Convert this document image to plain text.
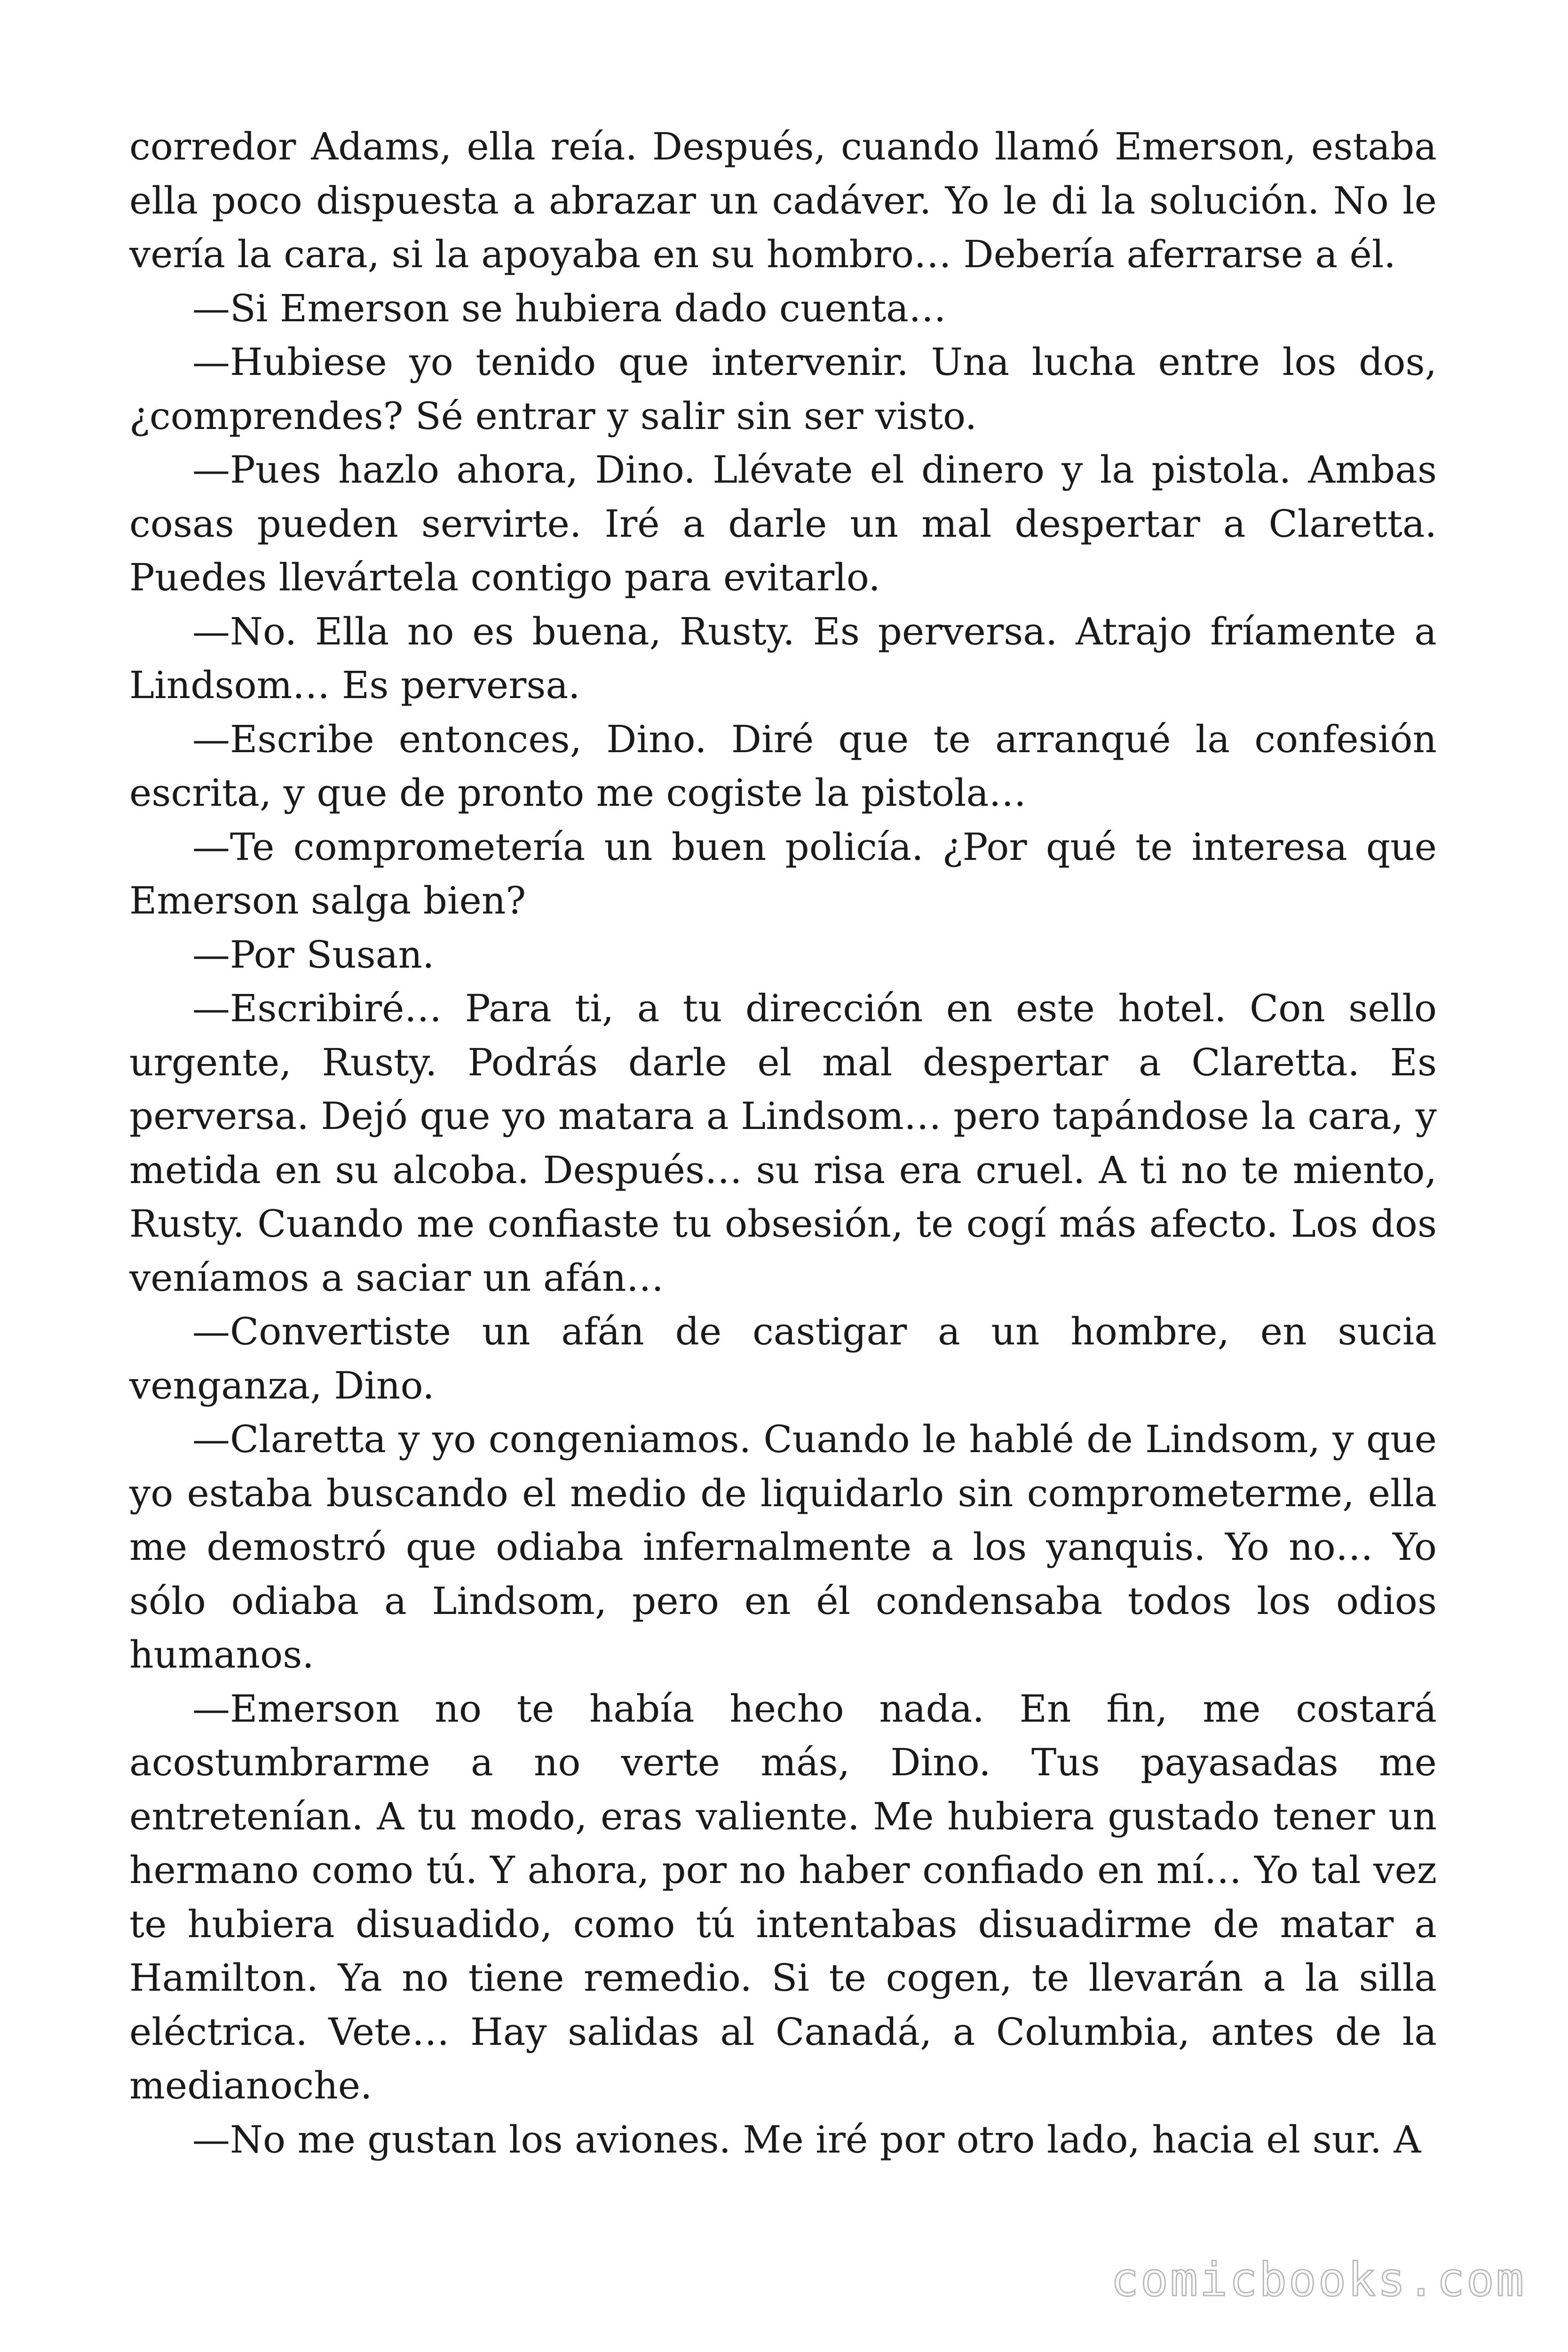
corredor Adams, ella reía. Después, cuando llamó Emerson, estaba ella poco dispuesta a abrazar un cadáver. Yo le di la solución. No le vería la cara, si la apoyaba en su hombro… Debería aferrarse a él.

—Si Emerson se hubiera dado cuenta…

—Hubiese yo tenido que intervenir. Una lucha entre los dos, ¿comprendes? Sé entrar y salir sin ser visto.

—Pues hazlo ahora, Dino. Llévate el dinero y la pistola. Ambas cosas pueden servirte. Iré a darle un mal despertar a Claretta. Puedes llevártela contigo para evitarlo.

—No. Ella no es buena, Rusty. Es perversa. Atrajo fríamente a Lindsom… Es perversa.

—Escribe entonces, Dino. Diré que te arranqué la confesión escrita, y que de pronto me cogiste la pistola…

—Te comprometería un buen policía. ¿Por qué te interesa que Emerson salga bien?

—Por Susan.

—Escribiré… Para ti, a tu dirección en este hotel. Con sello urgente, Rusty. Podrás darle el mal despertar a Claretta. Es perversa. Dejó que yo matara a Lindsom… pero tapándose la cara, y metida en su alcoba. Después… su risa era cruel. A ti no te miento, Rusty. Cuando me confiaste tu obsesión, te cogí más afecto. Los dos veníamos a saciar un afán…

—Convertiste un afán de castigar a un hombre, en sucia venganza, Dino.

—Claretta y yo congeniamos. Cuando le hablé de Lindsom, y que yo estaba buscando el medio de liquidarlo sin comprometerme, ella me demostró que odiaba infernalmente a los yanquis. Yo no… Yo sólo odiaba a Lindsom, pero en él condensaba todos los odios humanos.

—Emerson no te había hecho nada. En fin, me costará acostumbrarme a no verte más, Dino. Tus payasadas me entretenían. A tu modo, eras valiente. Me hubiera gustado tener un hermano como tú. Y ahora, por no haber confiado en mí… Yo tal vez te hubiera disuadido, como tú intentabas disuadirme de matar a Hamilton. Ya no tiene remedio. Si te cogen, te llevarán a la silla eléctrica. Vete… Hay salidas al Canadá, a Columbia, antes de la medianoche.

—No me gustan los aviones. Me iré por otro lado, hacia el sur. A

comicbooks.com
